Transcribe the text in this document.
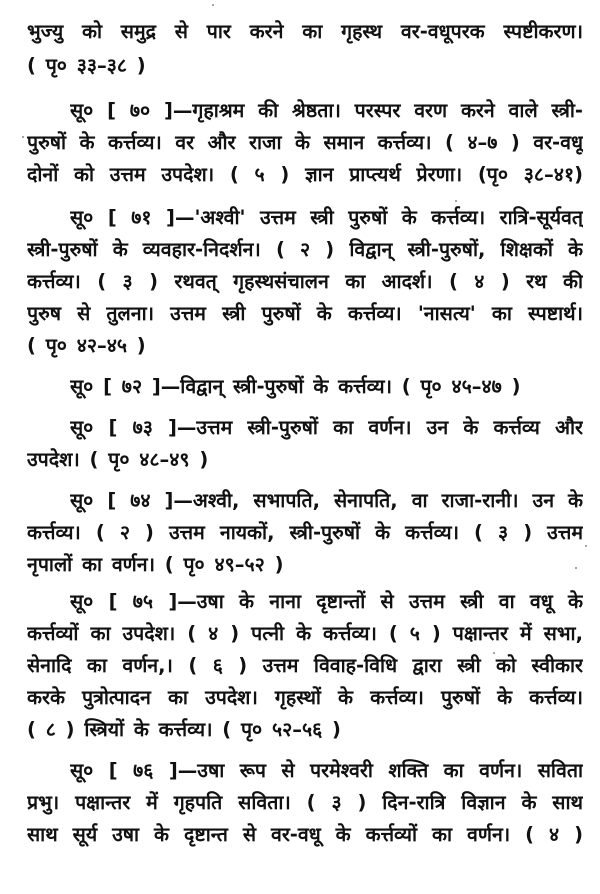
भुज्यु को समुद्र से पार करने का गृहस्थ वर-वधूपरक स्पष्टीकरण।
( पृ० ३३–३८ )
सू० [ ७० ]—गृहाश्रम की श्रेष्ठता। परस्पर वरण करने वाले स्त्री-
पुरुषों के कर्त्तव्य। वर और राजा के समान कर्त्तव्य। ( ४–७ ) वर-वधू
दोनों को उत्तम उपदेश। ( ५ ) ज्ञान प्राप्त्यर्थ प्रेरणा। (पृ० ३८–४१)
सू० [ ७१ ]—'अश्वी' उत्तम स्त्री पुरुषों के कर्त्तव्य। रात्रि-सूर्यवत्
स्त्री-पुरुषों के व्यवहार-निदर्शन। ( २ ) विद्वान् स्त्री-पुरुषों, शिक्षकों के
कर्त्तव्य। ( ३ ) रथवत् गृहस्थसंचालन का आदर्श। ( ४ ) रथ की
पुरुष से तुलना। उत्तम स्त्री पुरुषों के कर्त्तव्य। 'नासत्य' का स्पष्टार्थ।
( पृ० ४२–४५ )
सू० [ ७२ ]—विद्वान् स्त्री-पुरुषों के कर्त्तव्य। ( पृ० ४५–४७ )
सू० [ ७३ ]—उत्तम स्त्री-पुरुषों का वर्णन। उन के कर्त्तव्य और
उपदेश। ( पृ० ४८–४९ )
सू० [ ७४ ]—अश्वी, सभापति, सेनापति, वा राजा-रानी। उन के
कर्त्तव्य। ( २ ) उत्तम नायकों, स्त्री-पुरुषों के कर्त्तव्य। ( ३ ) उत्तम
नृपालों का वर्णन। ( पृ० ४९–५२ )
सू० [ ७५ ]—उषा के नाना दृष्टान्तों से उत्तम स्त्री वा वधू के
कर्त्तव्यों का उपदेश। ( ४ ) पत्नी के कर्त्तव्य। ( ५ ) पक्षान्तर में सभा,
सेनादि का वर्णन,। ( ६ ) उत्तम विवाह-विधि द्वारा स्त्री को स्वीकार
करके पुत्रोत्पादन का उपदेश। गृहस्थों के कर्त्तव्य। पुरुषों के कर्त्तव्य।
( ८ ) स्त्रियों के कर्त्तव्य। ( पृ० ५२–५६ )
सू० [ ७६ ]—उषा रूप से परमेश्वरी शक्ति का वर्णन। सविता
प्रभु। पक्षान्तर में गृहपति सविता। ( ३ ) दिन-रात्रि विज्ञान के साथ
साथ सूर्य उषा के दृष्टान्त से वर-वधू के कर्त्तव्यों का वर्णन। ( ४ )
